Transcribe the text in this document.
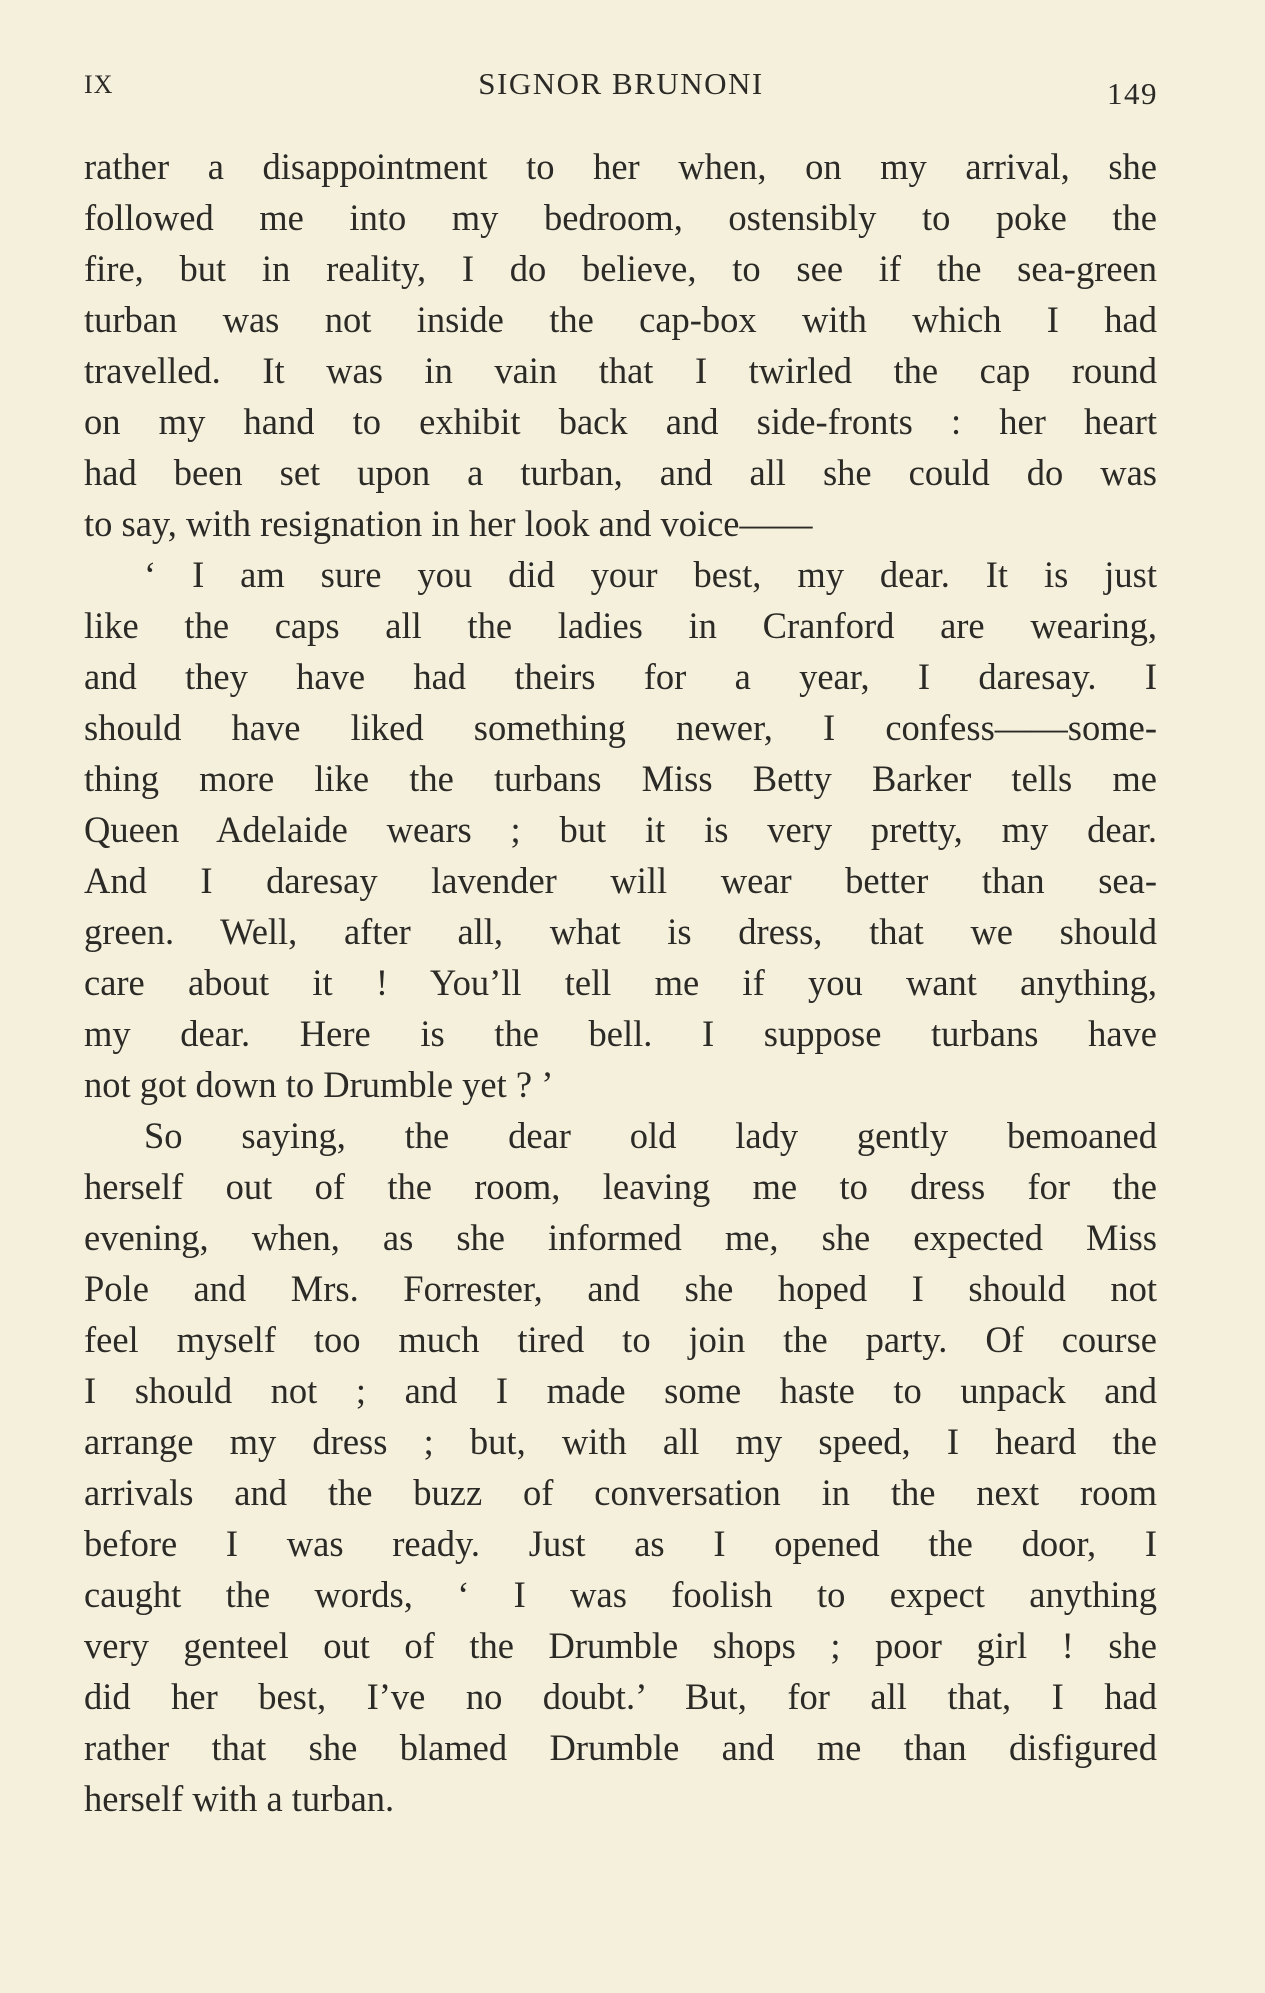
IX	SIGNOR BRUNONI	149
rather a disappointment to her when, on my arrival, she
followed me into my bedroom, ostensibly to poke the
fire, but in reality, I do believe, to see if the sea-green
turban was not inside the cap-box with which I had
travelled. It was in vain that I twirled the cap round
on my hand to exhibit back and side-fronts : her heart
had been set upon a turban, and all she could do was
to say, with resignation in her look and voice——
‘ I am sure you did your best, my dear. It is just
like the caps all the ladies in Cranford are wearing,
and they have had theirs for a year, I daresay. I
should have liked something newer, I confess——some-
thing more like the turbans Miss Betty Barker tells me
Queen Adelaide wears ; but it is very pretty, my dear.
And I daresay lavender will wear better than sea-
green. Well, after all, what is dress, that we should
care about it ! You’ll tell me if you want anything,
my dear. Here is the bell. I suppose turbans have
not got down to Drumble yet ? ’
So saying, the dear old lady gently bemoaned
herself out of the room, leaving me to dress for the
evening, when, as she informed me, she expected Miss
Pole and Mrs. Forrester, and she hoped I should not
feel myself too much tired to join the party. Of course
I should not ; and I made some haste to unpack and
arrange my dress ; but, with all my speed, I heard the
arrivals and the buzz of conversation in the next room
before I was ready. Just as I opened the door, I
caught the words, ‘ I was foolish to expect anything
very genteel out of the Drumble shops ; poor girl ! she
did her best, I’ve no doubt.’ But, for all that, I had
rather that she blamed Drumble and me than disfigured
herself with a turban.
